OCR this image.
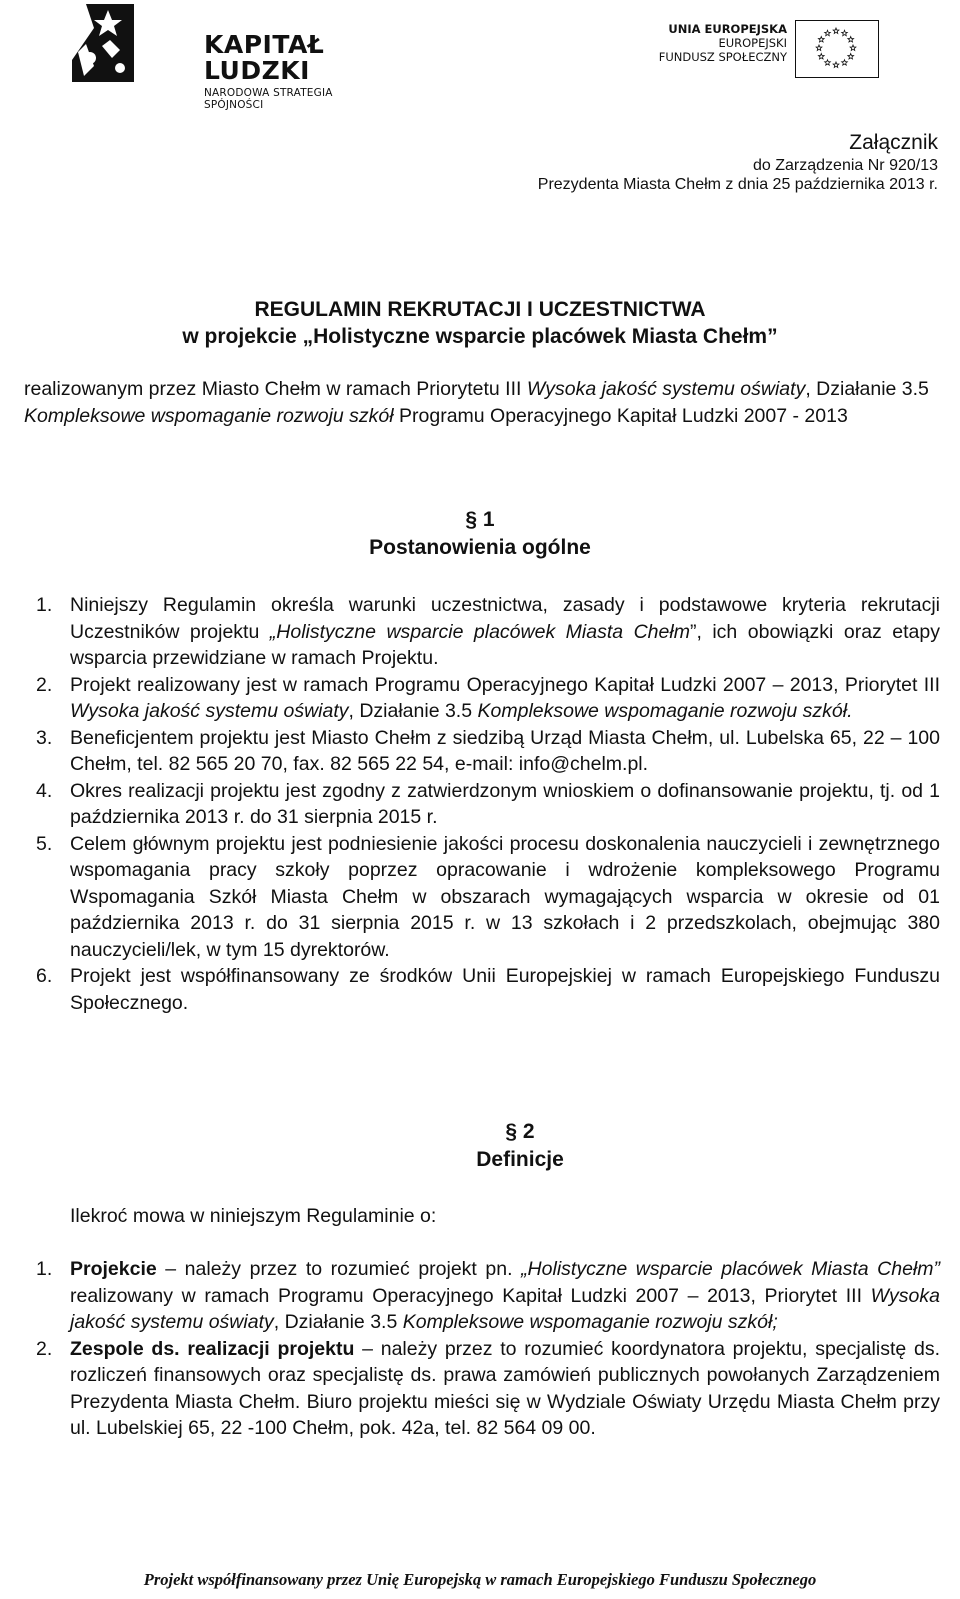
KAPITAŁ LUDZKI
NARODOWA STRATEGIA SPÓJNOŚCI
UNIA EUROPEJSKA
EUROPEJSKI
FUNDUSZ SPOŁECZNY
Załącznik
do Zarządzenia Nr 920/13
Prezydenta Miasta Chełm z dnia 25 października 2013 r.
REGULAMIN REKRUTACJI I UCZESTNICTWA
w projekcie „Holistyczne wsparcie placówek Miasta Chełm”
realizowanym przez Miasto Chełm w ramach Priorytetu III Wysoka jakość systemu oświaty, Działanie 3.5 Kompleksowe wspomaganie rozwoju szkół Programu Operacyjnego Kapitał Ludzki 2007 - 2013
§ 1
Postanowienia ogólne
1. Niniejszy Regulamin określa warunki uczestnictwa, zasady i podstawowe kryteria rekrutacji Uczestników projektu „Holistyczne wsparcie placówek Miasta Chełm”, ich obowiązki oraz etapy wsparcia przewidziane w ramach Projektu.
2. Projekt realizowany jest w ramach Programu Operacyjnego Kapitał Ludzki 2007 – 2013, Priorytet III Wysoka jakość systemu oświaty, Działanie 3.5 Kompleksowe wspomaganie rozwoju szkół.
3. Beneficjentem projektu jest Miasto Chełm z siedzibą Urząd Miasta Chełm, ul. Lubelska 65, 22 – 100 Chełm, tel. 82 565 20 70, fax. 82 565 22 54, e-mail: info@chelm.pl.
4. Okres realizacji projektu jest zgodny z zatwierdzonym wnioskiem o dofinansowanie projektu, tj. od 1 października 2013 r. do 31 sierpnia 2015 r.
5. Celem głównym projektu jest podniesienie jakości procesu doskonalenia nauczycieli i zewnętrznego wspomagania pracy szkoły poprzez opracowanie i wdrożenie kompleksowego Programu Wspomagania Szkół Miasta Chełm w obszarach wymagających wsparcia w okresie od 01 października 2013 r. do 31 sierpnia 2015 r. w 13 szkołach i 2 przedszkolach, obejmując 380 nauczycieli/lek, w tym 15 dyrektorów.
6. Projekt jest współfinansowany ze środków Unii Europejskiej w ramach Europejskiego Funduszu Społecznego.
§ 2
Definicje
Ilekroć mowa w niniejszym Regulaminie o:
1. Projekcie – należy przez to rozumieć projekt pn. „Holistyczne wsparcie placówek Miasta Chełm” realizowany w ramach Programu Operacyjnego Kapitał Ludzki 2007 – 2013, Priorytet III Wysoka jakość systemu oświaty, Działanie 3.5 Kompleksowe wspomaganie rozwoju szkół;
2. Zespole ds. realizacji projektu – należy przez to rozumieć koordynatora projektu, specjalistę ds. rozliczeń finansowych oraz specjalistę ds. prawa zamówień publicznych powołanych Zarządzeniem Prezydenta Miasta Chełm. Biuro projektu mieści się w Wydziale Oświaty Urzędu Miasta Chełm przy ul. Lubelskiej 65, 22 -100 Chełm, pok. 42a, tel. 82 564 09 00.
Projekt współfinansowany przez Unię Europejską w ramach Europejskiego Funduszu Społecznego
